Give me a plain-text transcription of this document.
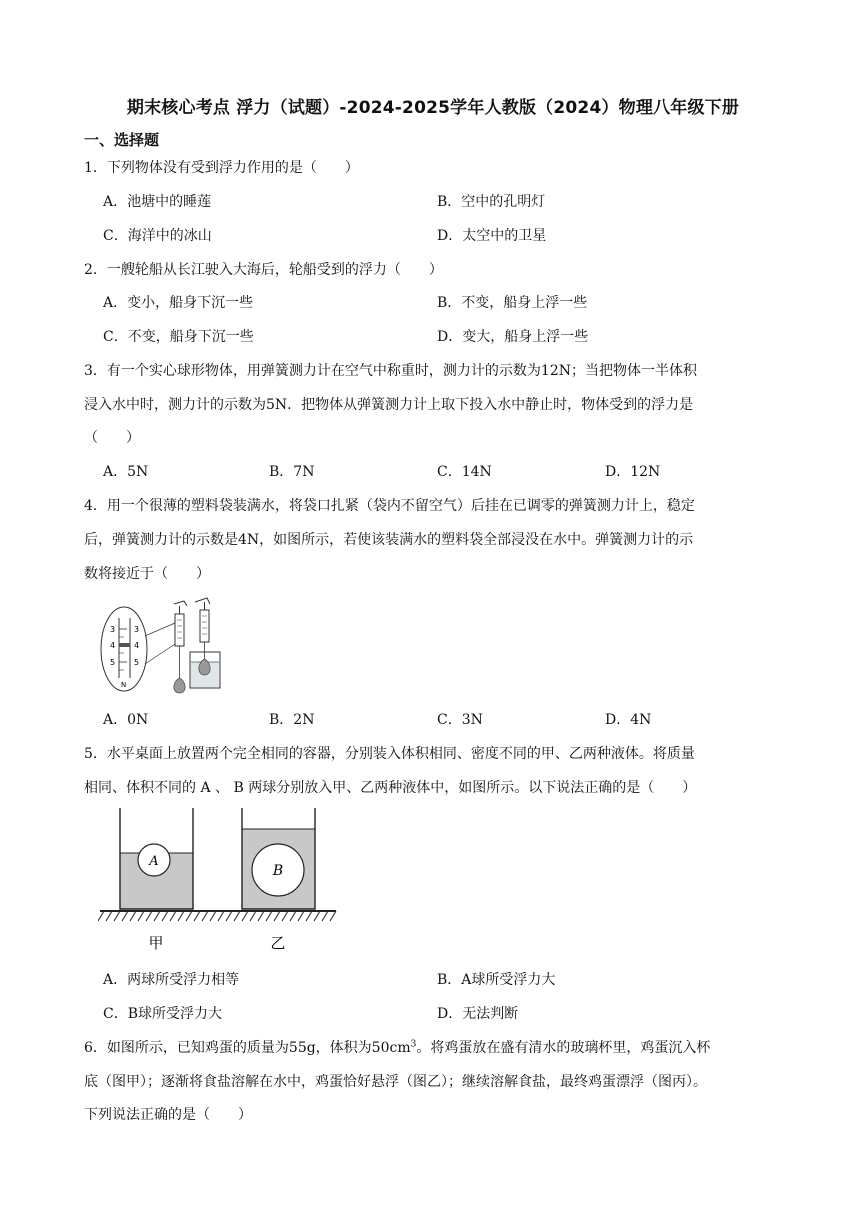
期末核心考点 浮力（试题）-2024-2025学年人教版（2024）物理八年级下册
一、选择题
1．下列物体没有受到浮力作用的是（　　）
A．池塘中的睡莲	B．空中的孔明灯
C．海洋中的冰山	D．太空中的卫星
2．一艘轮船从长江驶入大海后，轮船受到的浮力（　　）
A．变小，船身下沉一些	B．不变，船身上浮一些
C．不变，船身下沉一些	D．变大，船身上浮一些
3．有一个实心球形物体，用弹簧测力计在空气中称重时，测力计的示数为12N；当把物体一半体积
浸入水中时，测力计的示数为5N．把物体从弹簧测力计上取下投入水中静止时，物体受到的浮力是
（　　）
A．5N	B．7N	C．14N	D．12N
4．用一个很薄的塑料袋装满水，将袋口扎紧（袋内不留空气）后挂在已调零的弹簧测力计上，稳定
后，弹簧测力计的示数是4N，如图所示，若使该装满水的塑料袋全部浸没在水中。弹簧测力计的示
数将接近于（　　）
3
4
5
3
4
5
N
A．0N	B．2N	C．3N	D．4N
5．水平桌面上放置两个完全相同的容器，分别装入体积相同、密度不同的甲、乙两种液体。将质量
相同、体积不同的 A 、 B 两球分别放入甲、乙两种液体中，如图所示。以下说法正确的是（　　）
A
B
甲	乙
A．两球所受浮力相等	B．A球所受浮力大
C．B球所受浮力大	D．无法判断
6．如图所示，已知鸡蛋的质量为55g，体积为$50cm^3$。将鸡蛋放在盛有清水的玻璃杯里，鸡蛋沉入杯
底（图甲）；逐渐将食盐溶解在水中，鸡蛋恰好悬浮（图乙）；继续溶解食盐，最终鸡蛋漂浮（图丙）。
下列说法正确的是（　　）
